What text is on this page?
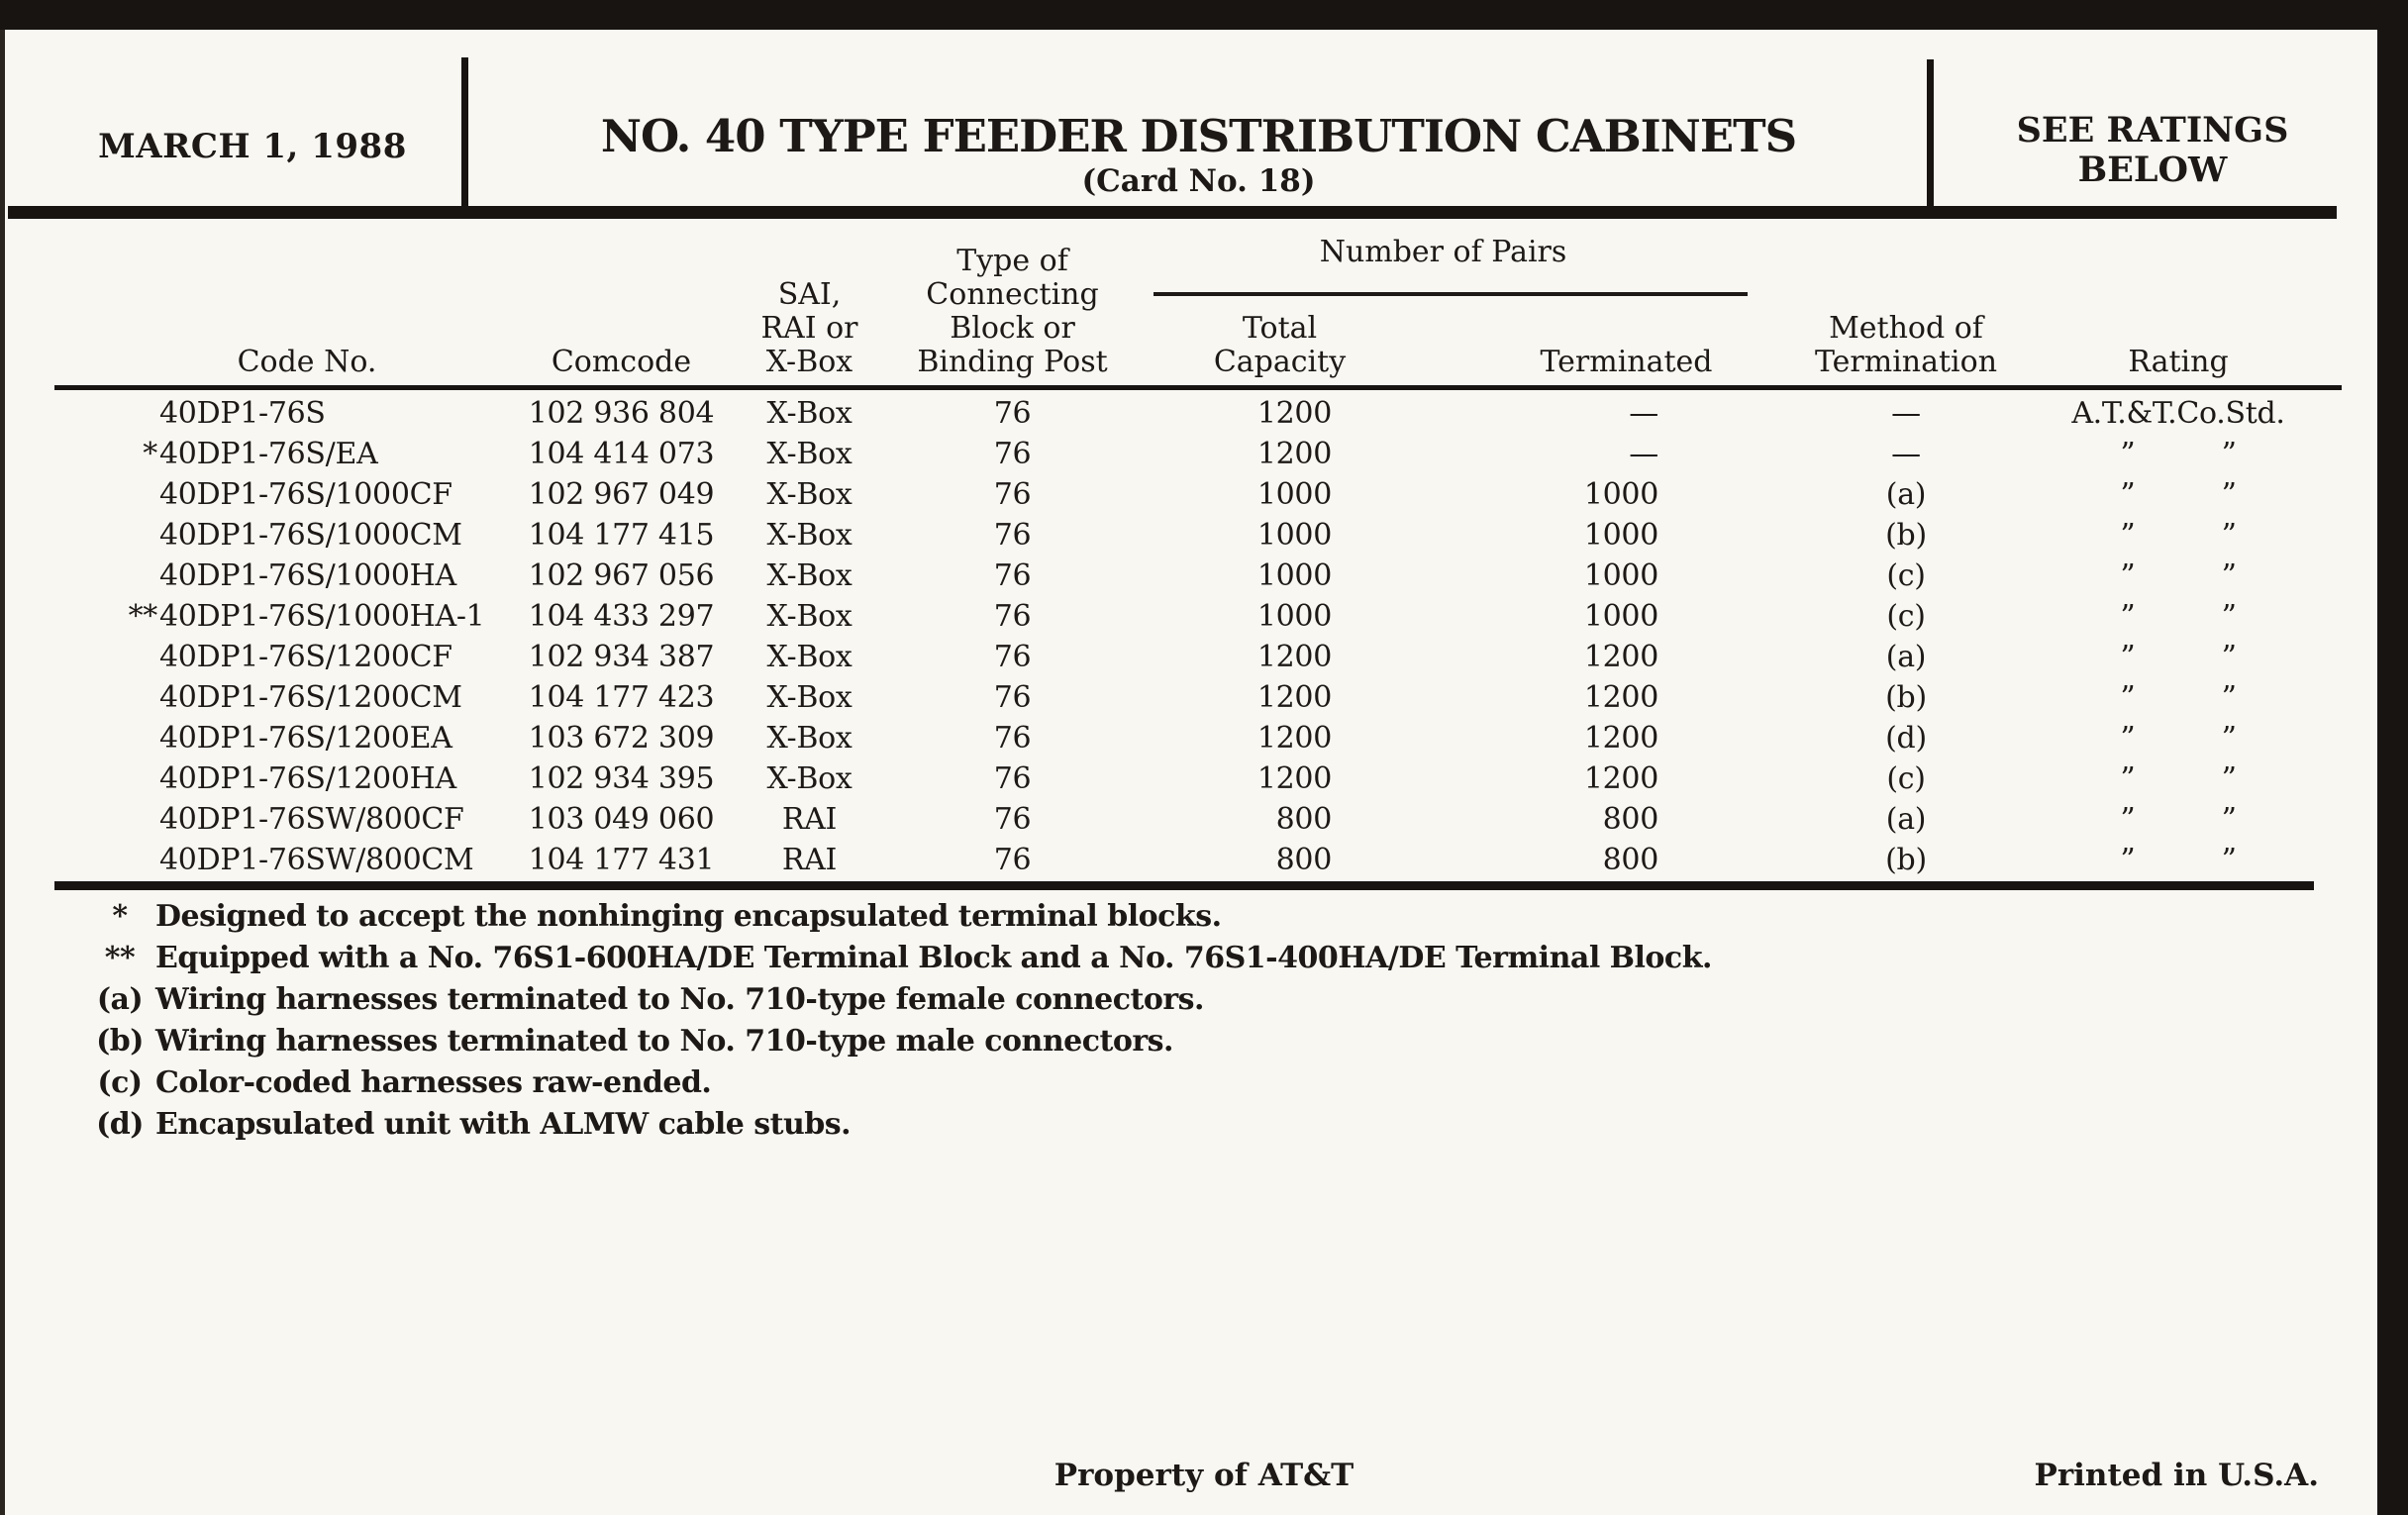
MARCH 1, 1988	NO. 40 TYPE FEEDER DISTRIBUTION CABINETS
(Card No. 18)
SEE RATINGS
BELOW
Code No.	Comcode
SAI,
RAI or
X-Box
Type of
Connecting
Block or
Binding Post
Total
Capacity	Terminated
Method of
Termination	Rating
Number of Pairs
40DP1-76S	102 936 804	X-Box	76	1200	—	—	A.T.&T.Co.Std.
* 40DP1-76S/EA	104 414 073	X-Box	76	1200	—	—	” ”
40DP1-76S/1000CF	102 967 049	X-Box	76	1000	1000	(a)	” ”
40DP1-76S/1000CM	104 177 415	X-Box	76	1000	1000	(b)	” ”
40DP1-76S/1000HA	102 967 056	X-Box	76	1000	1000	(c)	” ”
** 40DP1-76S/1000HA-1	104 433 297	X-Box	76	1000	1000	(c)	” ”
40DP1-76S/1200CF	102 934 387	X-Box	76	1200	1200	(a)	” ”
40DP1-76S/1200CM	104 177 423	X-Box	76	1200	1200	(b)	” ”
40DP1-76S/1200EA	103 672 309	X-Box	76	1200	1200	(d)	” ”
40DP1-76S/1200HA	102 934 395	X-Box	76	1200	1200	(c)	” ”
40DP1-76SW/800CF	103 049 060	RAI	76	800	800	(a)	” ”
40DP1-76SW/800CM	104 177 431	RAI	76	800	800	(b)	” ”
* Designed to accept the nonhinging encapsulated terminal blocks.
** Equipped with a No. 76S1-600HA/DE Terminal Block and a No. 76S1-400HA/DE Terminal Block.
(a) Wiring harnesses terminated to No. 710-type female connectors.
(b) Wiring harnesses terminated to No. 710-type male connectors.
(c) Color-coded harnesses raw-ended.
(d) Encapsulated unit with ALMW cable stubs.
Property of AT&T	Printed in U.S.A.
